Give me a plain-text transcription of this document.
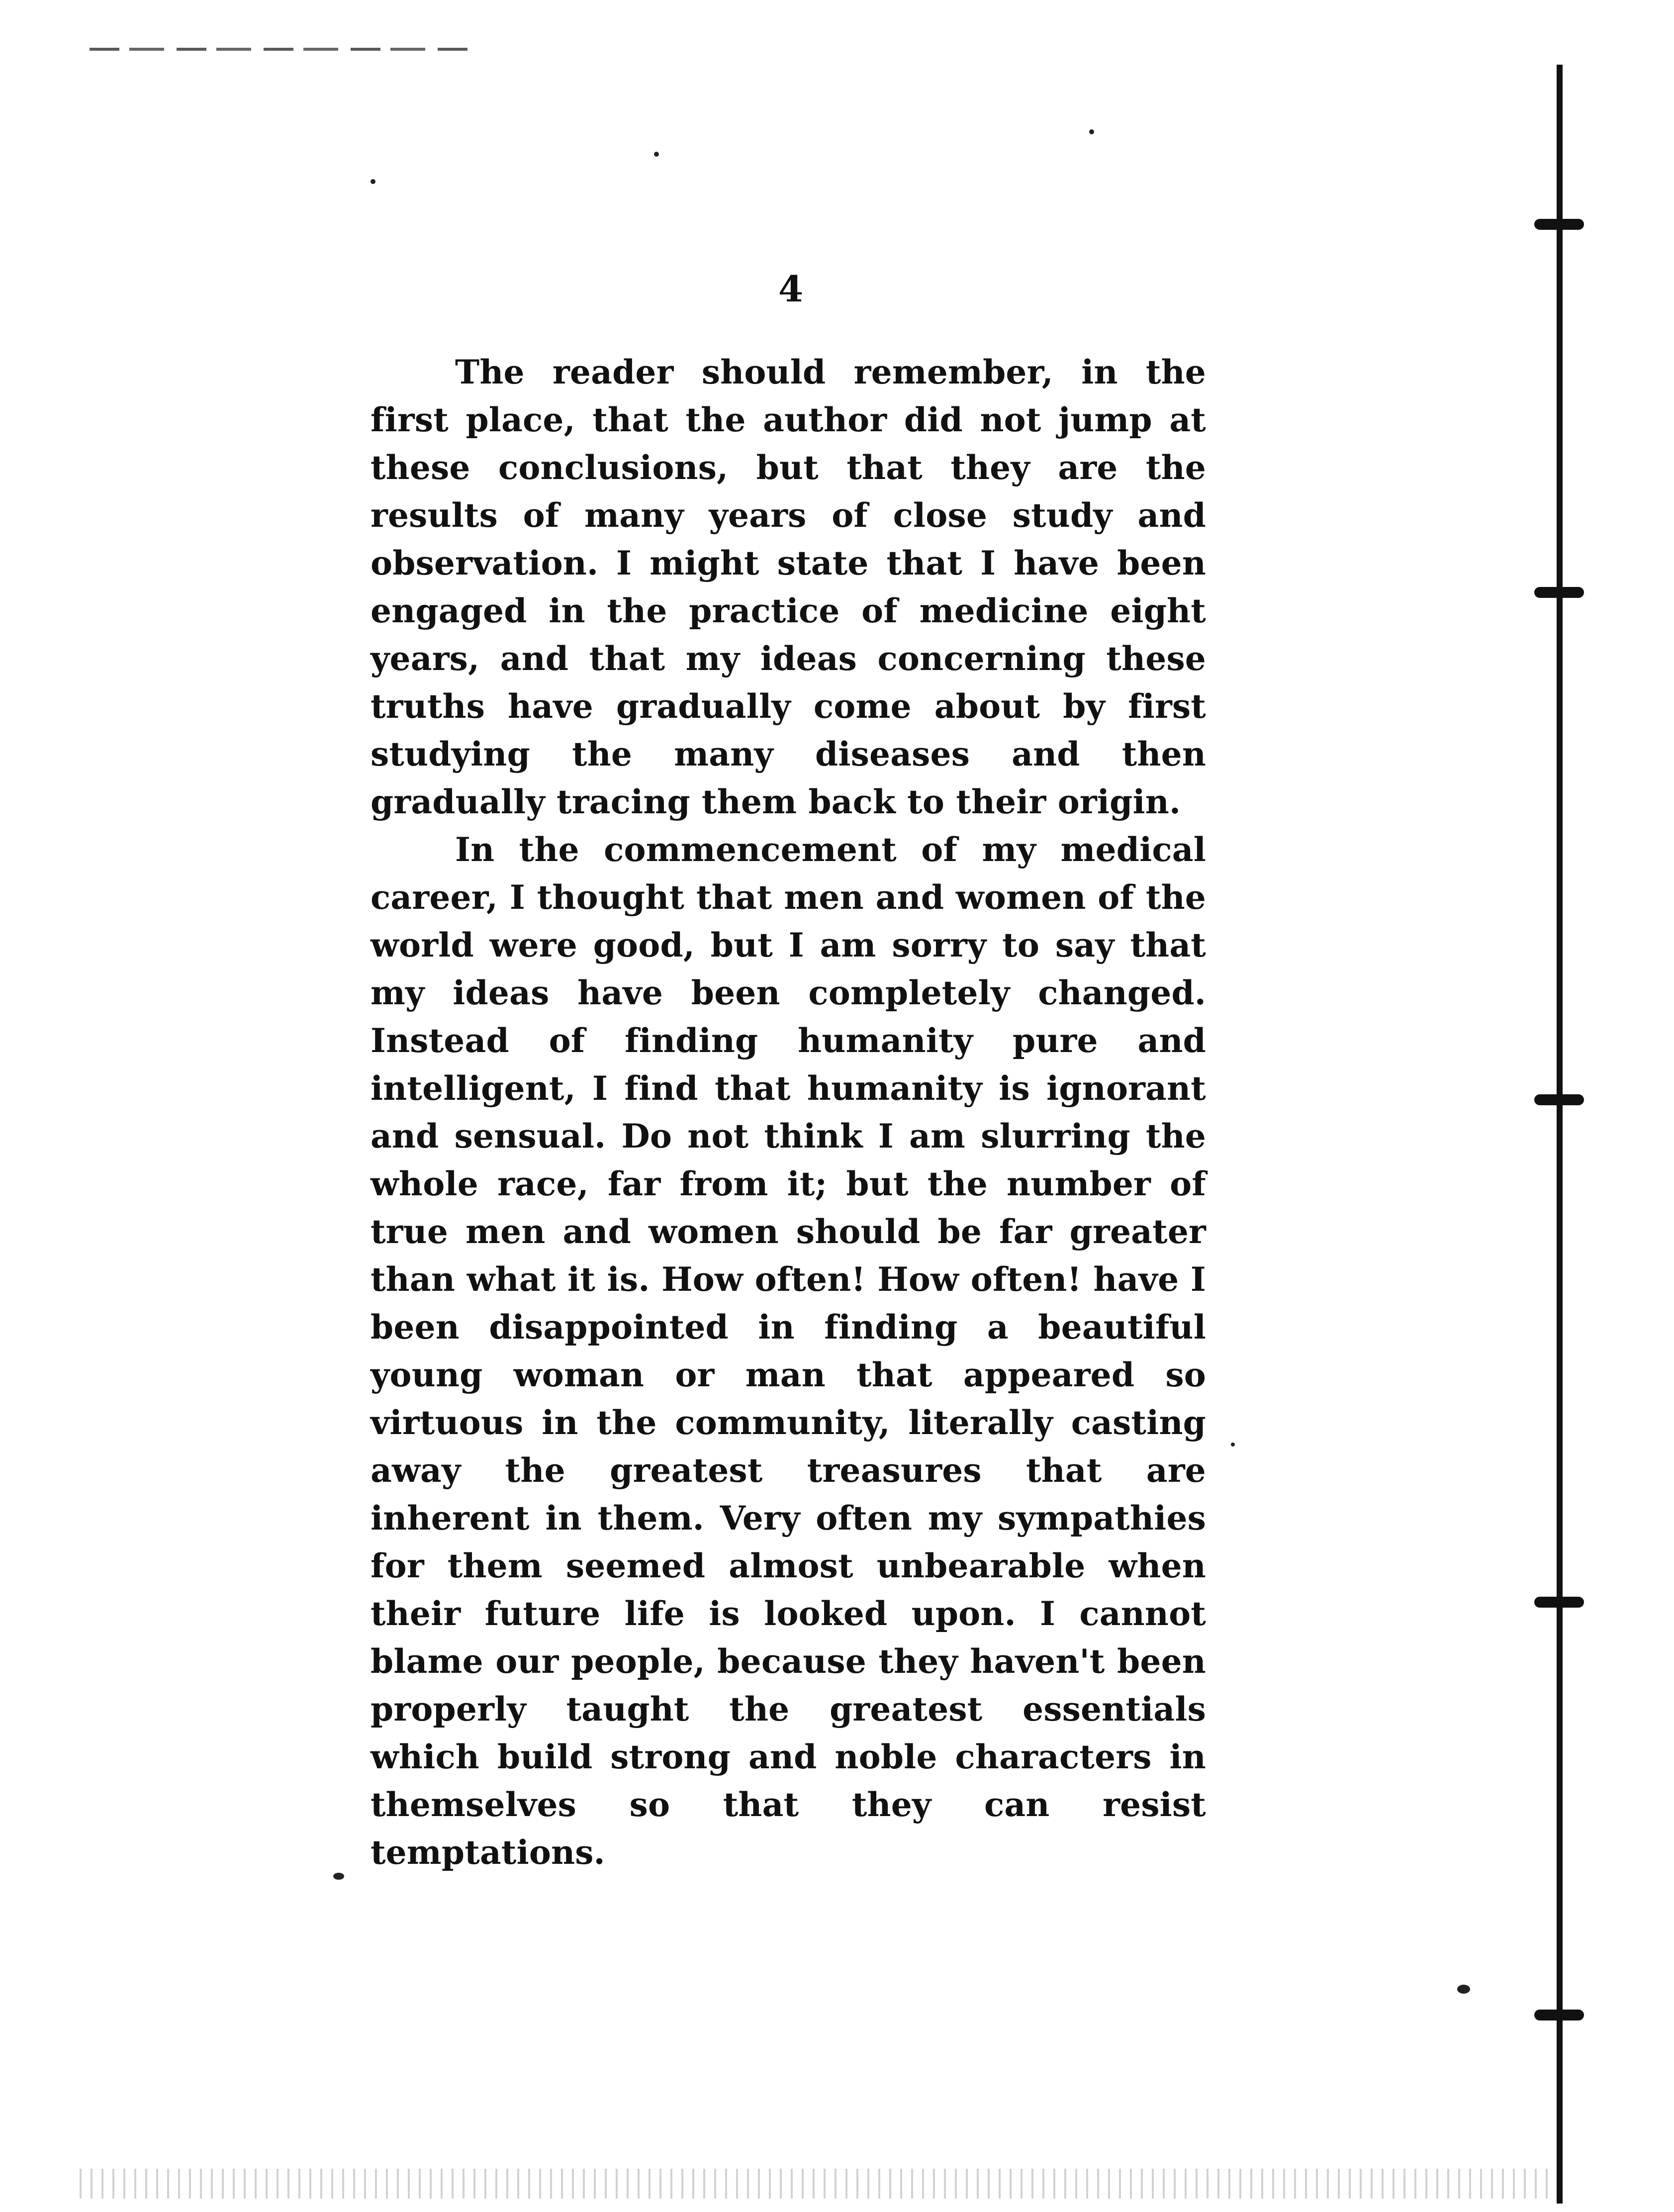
4

The reader should remember, in the first place, that the author did not jump at these conclusions, but that they are the results of many years of close study and observation. I might state that I have been engaged in the practice of medicine eight years, and that my ideas concerning these truths have gradually come about by first studying the many diseases and then gradually tracing them back to their origin.

In the commencement of my medical career, I thought that men and women of the world were good, but I am sorry to say that my ideas have been completely changed. Instead of finding humanity pure and intelligent, I find that humanity is ignorant and sensual. Do not think I am slurring the whole race, far from it; but the number of true men and women should be far greater than what it is. How often! How often! have I been disappointed in finding a beautiful young woman or man that appeared so virtuous in the community, literally casting away the greatest treasures that are inherent in them. Very often my sympathies for them seemed almost unbearable when their future life is looked upon. I cannot blame our people, because they haven't been properly taught the greatest essentials which build strong and noble characters in themselves so that they can resist temptations.
